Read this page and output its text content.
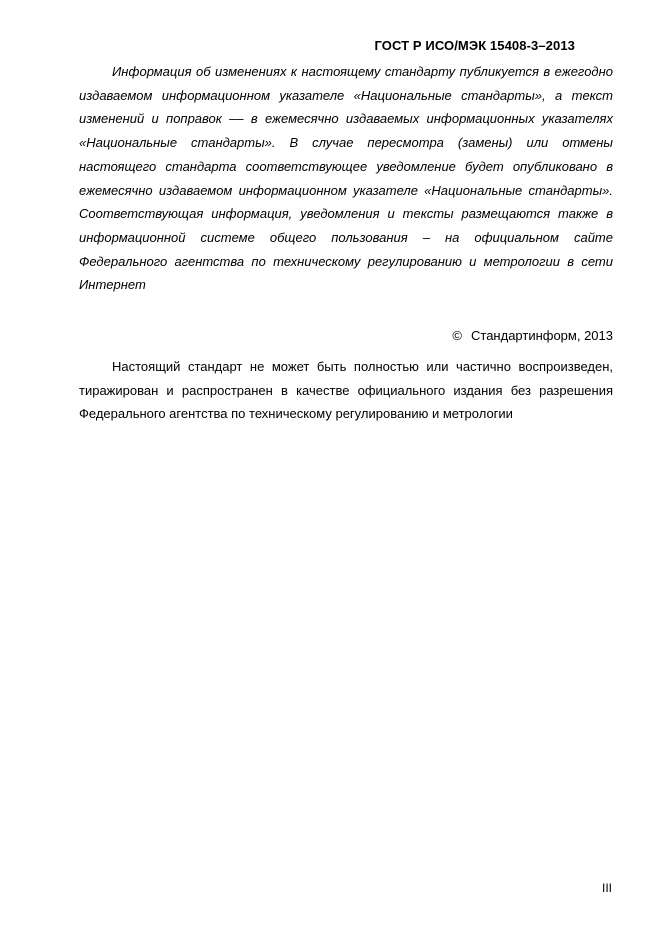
ГОСТ Р ИСО/МЭК 15408-3–2013

Информация об изменениях к настоящему стандарту публикуется в ежегодно издаваемом информационном указателе «Национальные стандарты», а текст изменений и поправок –– в ежемесячно издаваемых информационных указателях «Национальные стандарты». В случае пересмотра (замены) или отмены настоящего стандарта соответствующее уведомление будет опубликовано в ежемесячно издаваемом информационном указателе «Национальные стандарты». Соответствующая информация, уведомления и тексты размещаются также в информационной системе общего пользования – на официальном сайте Федерального агентства по техническому регулированию и метрологии в сети Интернет

© Стандартинформ, 2013

Настоящий стандарт не может быть полностью или частично воспроизведен, тиражирован и распространен в качестве официального издания без разрешения Федерального агентства по техническому регулированию и метрологии

III
